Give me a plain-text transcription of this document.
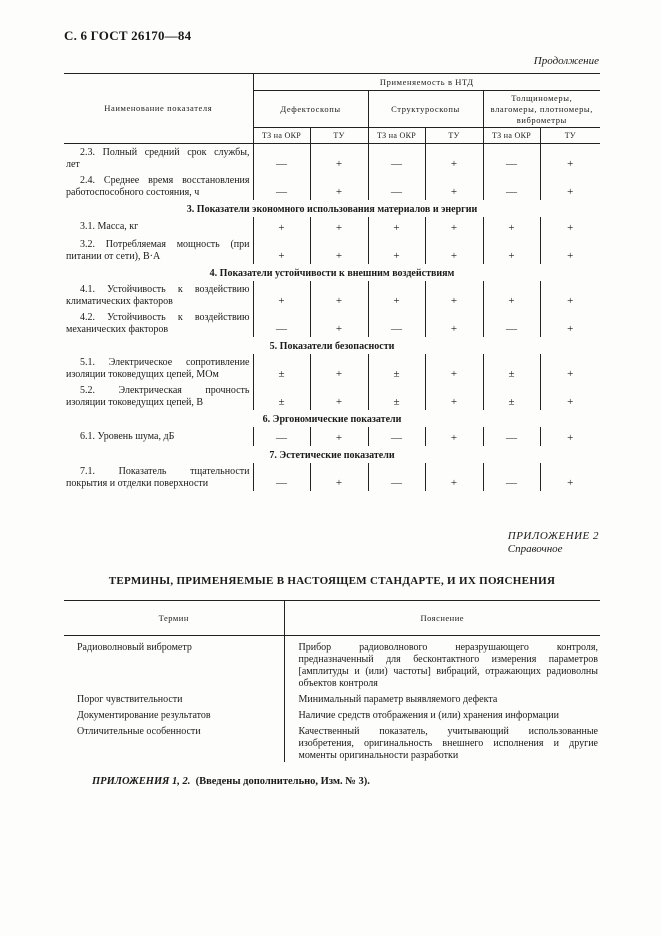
С. 6 ГОСТ 26170—84
Продолжение
Наименование показателя	Применяемость в НТД					
	Дефектоскопы		Структуроскопы		Толщиномеры, влагомеры, плотномеры, виброметры	
	ТЗ на ОКР	ТУ	ТЗ на ОКР	ТУ	ТЗ на ОКР	ТУ

2.3. Полный средний срок службы,
лет	—	+	—	+	—	+

2.4. Среднее время восстановления
работоспособного состояния, ч	—	+	—	+	—	+
3. Показатели экономного использования материалов и энергии						

3.1. Масса, кг	+	+	+	+	+	+

3.2. Потребляемая мощность (при
питании от сети), В·А	+	+	+	+	+	+
4. Показатели устойчивости к внешним воздействиям						

4.1. Устойчивость к воздействию
климатических факторов	+	+	+	+	+	+

4.2. Устойчивость к воздействию
механических факторов	—	+	—	+	—	+
5. Показатели безопасности						

5.1. Электрическое сопротивление
изоляции токоведущих цепей, МОм	±	+	±	+	±	+

5.2. Электрическая прочность
изоляции токоведущих цепей, В	±	+	±	+	±	+
6. Эргономические показатели						

6.1. Уровень шума, дБ	—	+	—	+	—	+
7. Эстетические показатели						

7.1. Показатель тщательности
покрытия и отделки поверхности	—	+	—	+	—	+
ПРИЛОЖЕНИЕ 2
Справочное
ТЕРМИНЫ, ПРИМЕНЯЕМЫЕ В НАСТОЯЩЕМ СТАНДАРТЕ, И ИХ ПОЯСНЕНИЯ
Термин	Пояснение
Радиоволновый виброметр	Прибор радиоволнового неразрушающего контроля,
предназначенный для бесконтактного измерения параметров
[амплитуды и (или) частоты] вибраций, отражающих радиоволны
объектов контроля

Порог чувствительности	Минимальный параметр выявляемого дефекта

Документирование результатов	Наличие средств отображения и (или) хранения информации

Отличительные особенности	Качественный показатель, учитывающий использованные
изобретения, оригинальность внешнего исполнения и другие
моменты оригинальности разработки
ПРИЛОЖЕНИЯ 1, 2.  (Введены дополнительно, Изм. № 3).
